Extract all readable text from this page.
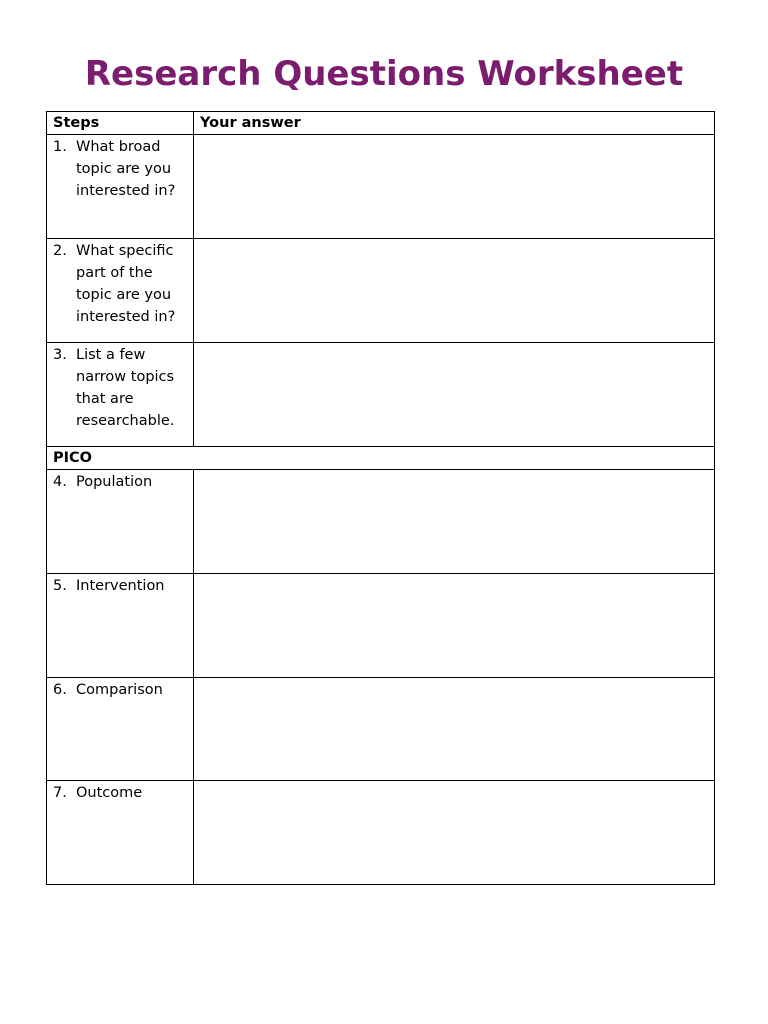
Research Questions Worksheet
Steps	Your answer

1. What broad topic are you interested in?	

2. What specific part of the topic are you interested in?	

3. List a few narrow topics that are researchable.	

PICO	

4. Population	

5. Intervention	

6. Comparison	

7. Outcome	
